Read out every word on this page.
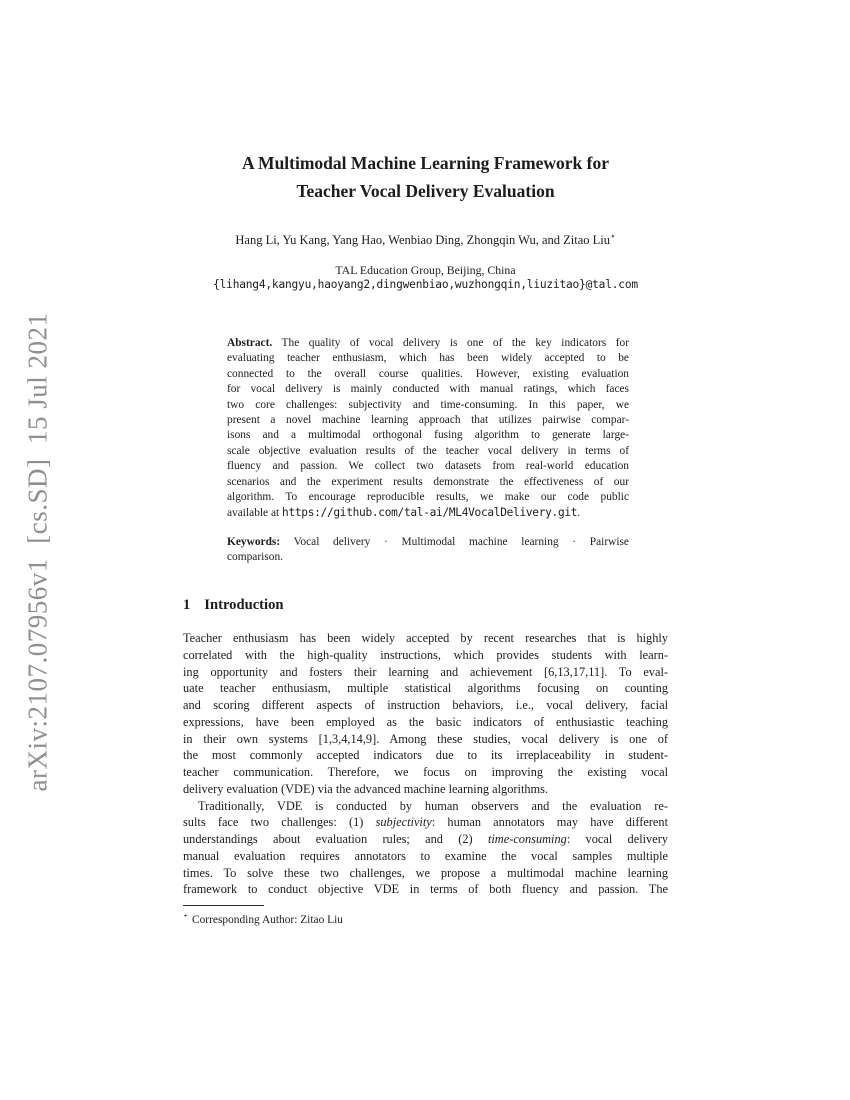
arXiv:2107.07956v1  [cs.SD]  15 Jul 2021
A Multimodal Machine Learning Framework for
Teacher Vocal Delivery Evaluation
Hang Li, Yu Kang, Yang Hao, Wenbiao Ding, Zhongqin Wu, and Zitao Liu⋆
TAL Education Group, Beijing, China
{lihang4,kangyu,haoyang2,dingwenbiao,wuzhongqin,liuzitao}@tal.com
Abstract. The quality of vocal delivery is one of the key indicators for
evaluating teacher enthusiasm, which has been widely accepted to be
connected to the overall course qualities. However, existing evaluation
for vocal delivery is mainly conducted with manual ratings, which faces
two core challenges: subjectivity and time-consuming. In this paper, we
present a novel machine learning approach that utilizes pairwise compar-
isons and a multimodal orthogonal fusing algorithm to generate large-
scale objective evaluation results of the teacher vocal delivery in terms of
fluency and passion. We collect two datasets from real-world education
scenarios and the experiment results demonstrate the effectiveness of our
algorithm. To encourage reproducible results, we make our code public
available at https://github.com/tal-ai/ML4VocalDelivery.git.
Keywords: Vocal delivery · Multimodal machine learning · Pairwise
comparison.
1 Introduction
Teacher enthusiasm has been widely accepted by recent researches that is highly
correlated with the high-quality instructions, which provides students with learn-
ing opportunity and fosters their learning and achievement [6,13,17,11]. To eval-
uate teacher enthusiasm, multiple statistical algorithms focusing on counting
and scoring different aspects of instruction behaviors, i.e., vocal delivery, facial
expressions, have been employed as the basic indicators of enthusiastic teaching
in their own systems [1,3,4,14,9]. Among these studies, vocal delivery is one of
the most commonly accepted indicators due to its irreplaceability in student-
teacher communication. Therefore, we focus on improving the existing vocal
delivery evaluation (VDE) via the advanced machine learning algorithms.
Traditionally, VDE is conducted by human observers and the evaluation re-
sults face two challenges: (1) subjectivity: human annotators may have different
understandings about evaluation rules; and (2) time-consuming: vocal delivery
manual evaluation requires annotators to examine the vocal samples multiple
times. To solve these two challenges, we propose a multimodal machine learning
framework to conduct objective VDE in terms of both fluency and passion. The
⋆ Corresponding Author: Zitao Liu
